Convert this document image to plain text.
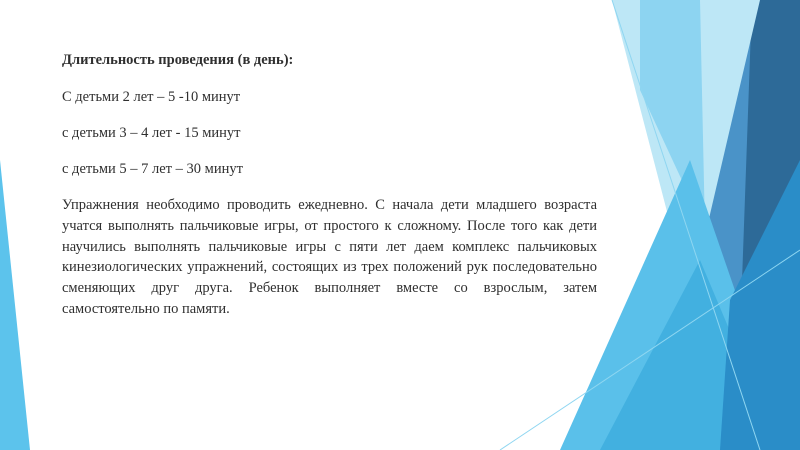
Длительность проведения (в день):
С детьми 2 лет – 5 -10 минут
с детьми 3 – 4 лет - 15 минут
с детьми 5 – 7 лет – 30 минут
Упражнения необходимо проводить ежедневно. С начала дети младшего возраста учатся выполнять пальчиковые игры, от простого к сложному. После того как дети научились выполнять пальчиковые игры с пяти лет даем комплекс пальчиковых кинезиологических упражнений, состоящих из трех положений рук последовательно сменяющих друг друга. Ребенок выполняет вместе со взрослым, затем самостоятельно по памяти.
